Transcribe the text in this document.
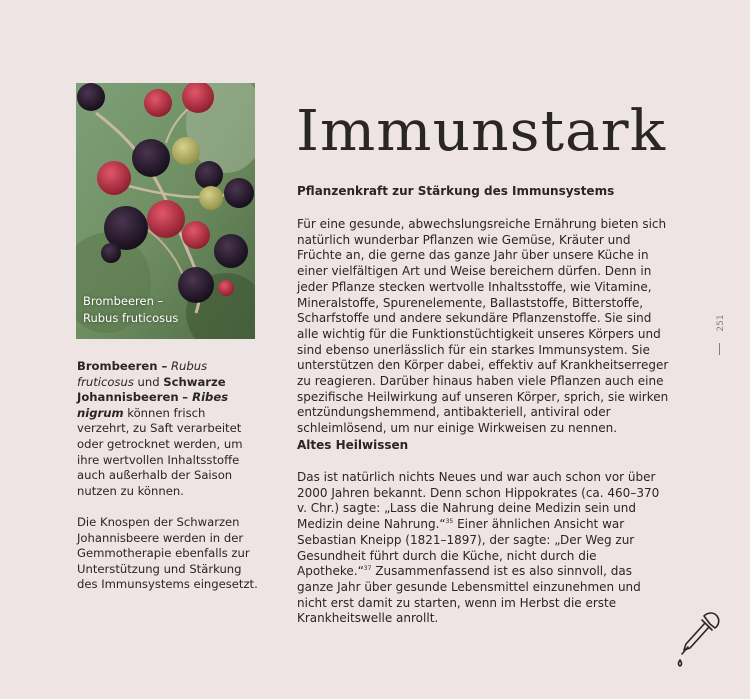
Brombeeren –
Rubus fruticosus

Brombeeren – Rubus fruticosus und Schwarze Johannisbeeren – Ribes nigrum können frisch verzehrt, zu Saft verarbeitet oder getrocknet werden, um ihre wertvollen Inhaltsstoffe auch außerhalb der Saison nutzen zu können.

Die Knospen der Schwarzen Johannisbeere werden in der Gemmotherapie ebenfalls zur Unterstützung und Stärkung des Immunsystems eingesetzt.

Immunstark
Pflanzenkraft zur Stärkung des Immunsystems

Für eine gesunde, abwechslungsreiche Ernährung bieten sich natürlich wunderbar Pflanzen wie Gemüse, Kräuter und Früchte an, die gerne das ganze Jahr über unsere Küche in einer vielfältigen Art und Weise bereichern dürfen. Denn in jeder Pflanze stecken wertvolle Inhaltsstoffe, wie Vitamine, Mineralstoffe, Spurenelemente, Ballaststoffe, Bitterstoffe, Scharfstoffe und andere sekundäre Pflanzenstoffe. Sie sind alle wichtig für die Funktionstüchtigkeit unseres Körpers und sind ebenso unerlässlich für ein starkes Immunsystem. Sie unterstützen den Körper dabei, effektiv auf Krankheitserreger zu reagieren. Darüber hinaus haben viele Pflanzen auch eine spezifische Heilwirkung auf unseren Körper, sprich, sie wirken entzündungshemmend, antibakteriell, antiviral oder schleimlösend, um nur einige Wirkweisen zu nennen.

Altes Heilwissen

Das ist natürlich nichts Neues und war auch schon vor über 2000 Jahren bekannt. Denn schon Hippokrates (ca. 460–370 v. Chr.) sagte: „Lass die Nahrung deine Medizin sein und Medizin deine Nahrung.“$^{35}$ Einer ähnlichen Ansicht war Sebastian Kneipp (1821–1897), der sagte: „Der Weg zur Gesundheit führt durch die Küche, nicht durch die Apotheke.“$^{37}$ Zusammenfassend ist es also sinnvoll, das ganze Jahr über gesunde Lebensmittel einzunehmen und nicht erst damit zu starten, wenn im Herbst die erste Krankheitswelle anrollt.

251
